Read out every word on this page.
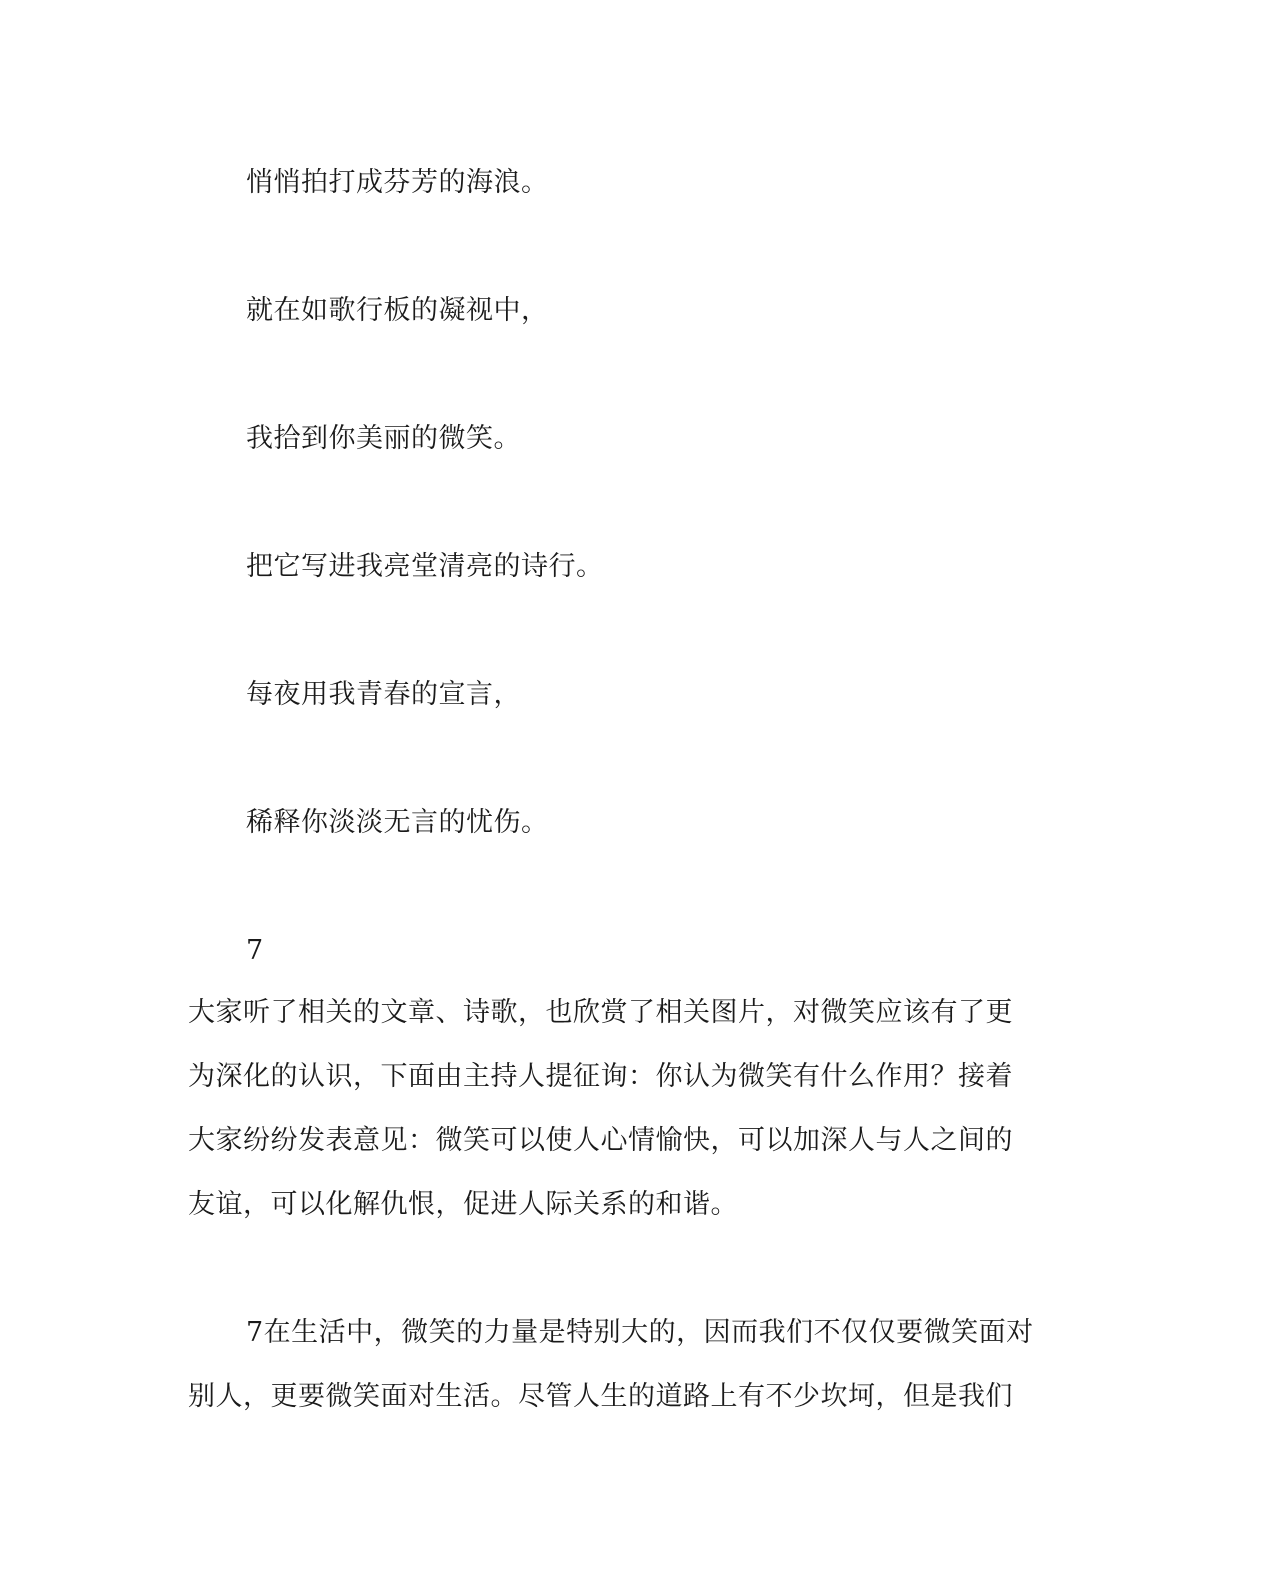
悄悄拍打成芬芳的海浪。
就在如歌行板的凝视中，
我拾到你美丽的微笑。
把它写进我亮堂清亮的诗行。
每夜用我青春的宣言，
稀释你淡淡无言的忧伤。
7
大家听了相关的文章、诗歌，也欣赏了相关图片，对微笑应该有了更
为深化的认识，下面由主持人提征询：你认为微笑有什么作用？接着
大家纷纷发表意见：微笑可以使人心情愉快，可以加深人与人之间的
友谊，可以化解仇恨，促进人际关系的和谐。
7在生活中，微笑的力量是特别大的，因而我们不仅仅要微笑面对
别人，更要微笑面对生活。尽管人生的道路上有不少坎坷，但是我们
